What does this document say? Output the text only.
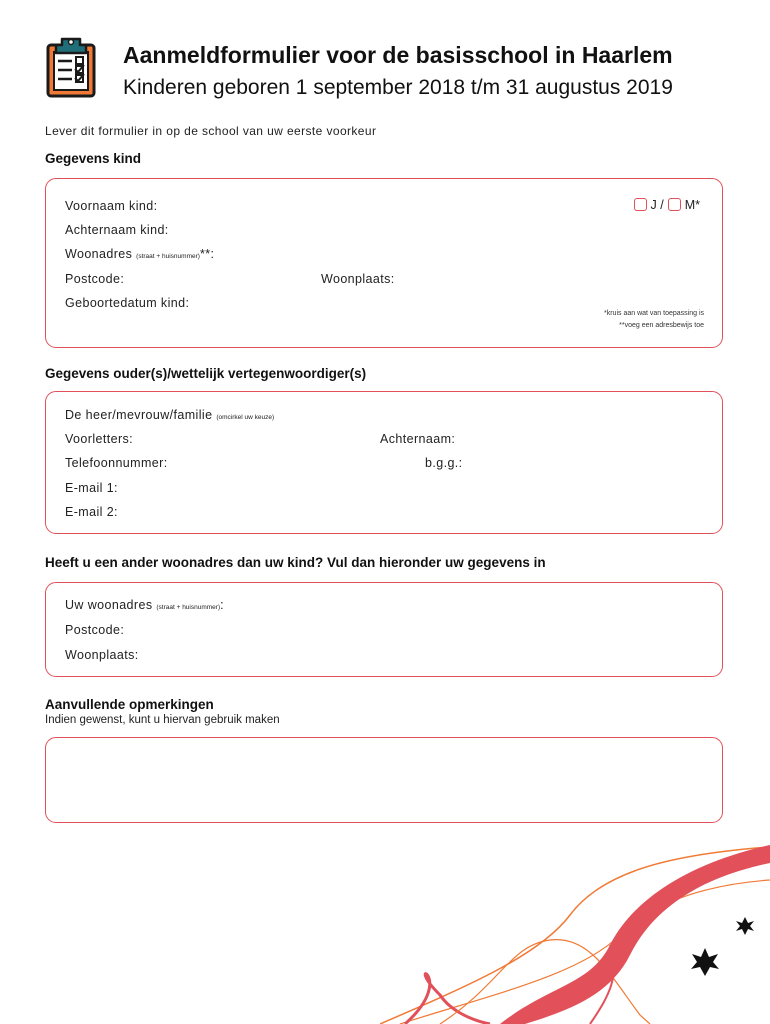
Aanmeldformulier voor de basisschool in Haarlem
Kinderen geboren 1 september 2018 t/m 31 augustus 2019
Lever dit formulier in op de school van uw eerste voorkeur
Gegevens kind
Voornaam kind:	J / M*
Achternaam kind:
Woonadres (straat + huisnummer)**:
Postcode:	Woonplaats:
Geboortedatum kind:
*kruis aan wat van toepassing is
**voeg een adresbewijs toe
Gegevens ouder(s)/wettelijk vertegenwoordiger(s)
De heer/mevrouw/familie (omcirkel uw keuze)
Voorletters:	Achternaam:
Telefoonnummer:	b.g.g.:
E-mail 1:
E-mail 2:
Heeft u een ander woonadres dan uw kind? Vul dan hieronder uw gegevens in
Uw woonadres (straat + huisnummer):
Postcode:
Woonplaats:
Aanvullende opmerkingen
Indien gewenst, kunt u hiervan gebruik maken
